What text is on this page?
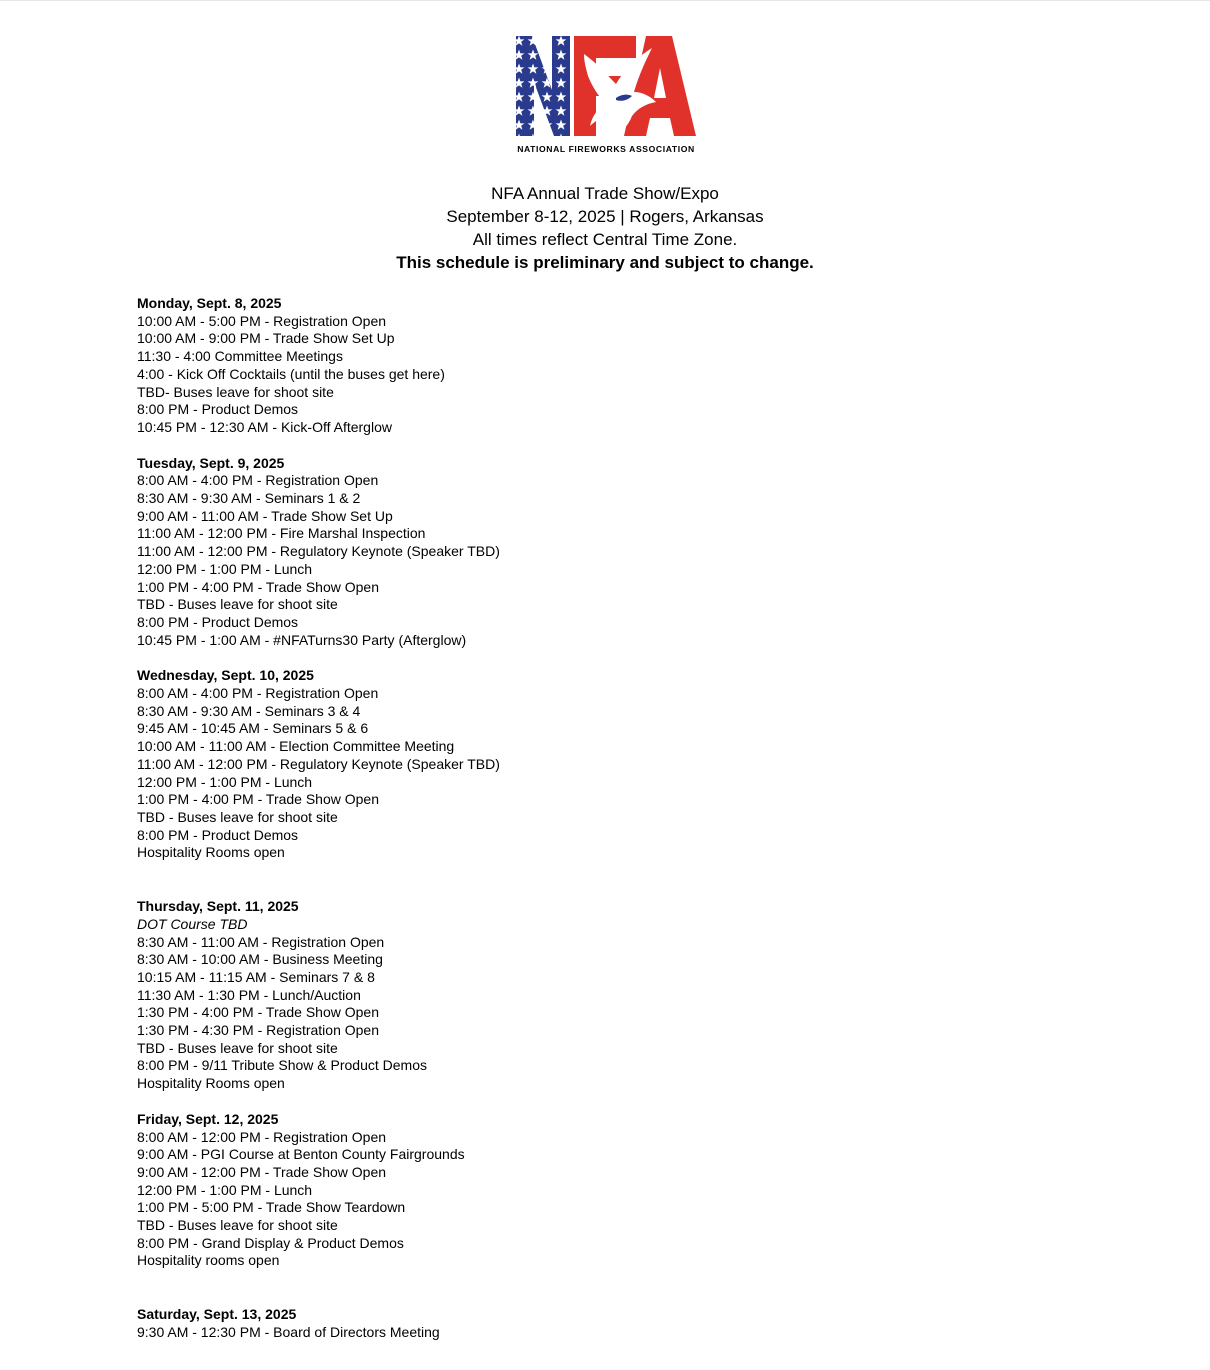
NATIONAL FIREWORKS ASSOCIATION
NFA Annual Trade Show/Expo
September 8-12, 2025 | Rogers, Arkansas
All times reflect Central Time Zone.
This schedule is preliminary and subject to change.
Monday, Sept. 8, 2025
10:00 AM - 5:00 PM - Registration Open
10:00 AM - 9:00 PM - Trade Show Set Up
11:30 - 4:00 Committee Meetings
4:00 - Kick Off Cocktails (until the buses get here)
TBD- Buses leave for shoot site
8:00 PM - Product Demos
10:45 PM - 12:30 AM - Kick-Off Afterglow
Tuesday, Sept. 9, 2025
8:00 AM - 4:00 PM - Registration Open
8:30 AM - 9:30 AM - Seminars 1 & 2
9:00 AM - 11:00 AM - Trade Show Set Up
11:00 AM - 12:00 PM - Fire Marshal Inspection
11:00 AM - 12:00 PM - Regulatory Keynote (Speaker TBD)
12:00 PM - 1:00 PM - Lunch
1:00 PM - 4:00 PM - Trade Show Open
TBD - Buses leave for shoot site
8:00 PM - Product Demos
10:45 PM - 1:00 AM - #NFATurns30 Party (Afterglow)
Wednesday, Sept. 10, 2025
8:00 AM - 4:00 PM - Registration Open
8:30 AM - 9:30 AM - Seminars 3 & 4
9:45 AM - 10:45 AM - Seminars 5 & 6
10:00 AM - 11:00 AM - Election Committee Meeting
11:00 AM - 12:00 PM - Regulatory Keynote (Speaker TBD)
12:00 PM - 1:00 PM - Lunch
1:00 PM - 4:00 PM - Trade Show Open
TBD - Buses leave for shoot site
8:00 PM - Product Demos
Hospitality Rooms open
Thursday, Sept. 11, 2025
DOT Course TBD
8:30 AM - 11:00 AM - Registration Open
8:30 AM - 10:00 AM - Business Meeting
10:15 AM - 11:15 AM - Seminars 7 & 8
11:30 AM - 1:30 PM - Lunch/Auction
1:30 PM - 4:00 PM - Trade Show Open
1:30 PM - 4:30 PM - Registration Open
TBD - Buses leave for shoot site
8:00 PM - 9/11 Tribute Show & Product Demos
Hospitality Rooms open
Friday, Sept. 12, 2025
8:00 AM - 12:00 PM - Registration Open
9:00 AM - PGI Course at Benton County Fairgrounds
9:00 AM - 12:00 PM - Trade Show Open
12:00 PM - 1:00 PM - Lunch
1:00 PM - 5:00 PM - Trade Show Teardown
TBD - Buses leave for shoot site
8:00 PM - Grand Display & Product Demos
Hospitality rooms open
Saturday, Sept. 13, 2025
9:30 AM - 12:30 PM - Board of Directors Meeting
